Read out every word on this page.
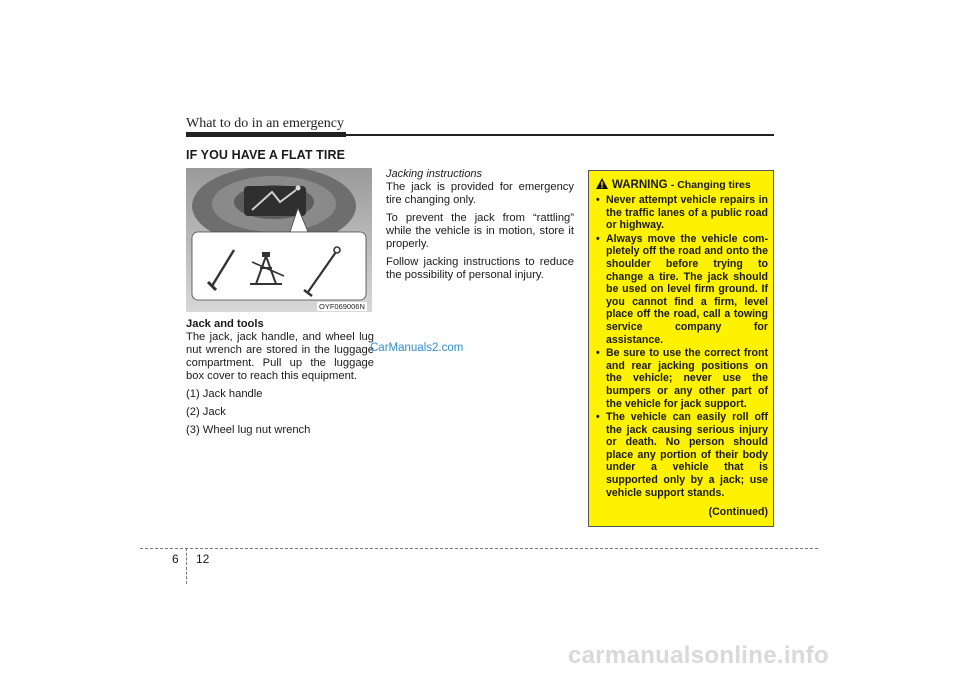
What to do in an emergency
IF YOU HAVE A FLAT TIRE
OYF069006N
Jack and tools

The jack, jack handle, and wheel lug nut wrench are stored in the luggage compartment. Pull up the luggage box cover to reach this equipment.

(1) Jack handle

(2) Jack

(3) Wheel lug nut wrench

Jacking instructions

The jack is provided for emergency tire changing only.

To prevent the jack from “rattling” while the vehicle is in motion, store it properly.

Follow jacking instructions to reduce the possibility of personal injury.

WARNING - Changing tires
• Never attempt vehicle repairs in the traffic lanes of a public road or highway.
• Always move the vehicle completely off the road and onto the shoulder before trying to change a tire. The jack should be used on level firm ground. If you cannot find a firm, level place off the road, call a towing service company for assistance.
• Be sure to use the correct front and rear jacking positions on the vehicle; never use the bumpers or any other part of the vehicle for jack support.
• The vehicle can easily roll off the jack causing serious injury or death. No person should place any portion of their body under a vehicle that is supported only by a jack; use vehicle support stands.
(Continued)
CarManuals2.com
carmanualsonline.info
6 12
